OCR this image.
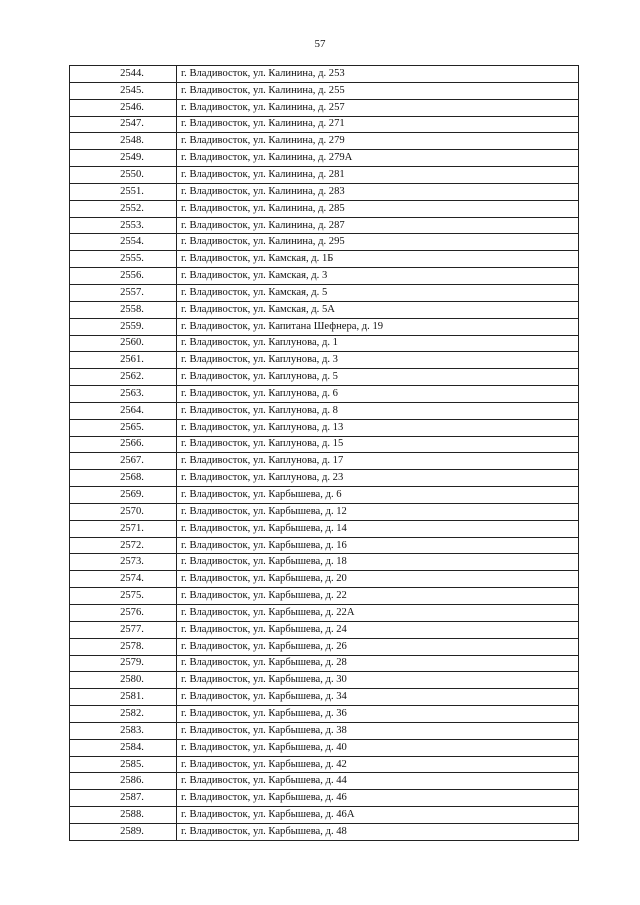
57
2544.	г. Владивосток, ул. Калинина, д. 253
2545.	г. Владивосток, ул. Калинина, д. 255
2546.	г. Владивосток, ул. Калинина, д. 257
2547.	г. Владивосток, ул. Калинина, д. 271
2548.	г. Владивосток, ул. Калинина, д. 279
2549.	г. Владивосток, ул. Калинина, д. 279А
2550.	г. Владивосток, ул. Калинина, д. 281
2551.	г. Владивосток, ул. Калинина, д. 283
2552.	г. Владивосток, ул. Калинина, д. 285
2553.	г. Владивосток, ул. Калинина, д. 287
2554.	г. Владивосток, ул. Калинина, д. 295
2555.	г. Владивосток, ул. Камская, д. 1Б
2556.	г. Владивосток, ул. Камская, д. 3
2557.	г. Владивосток, ул. Камская, д. 5
2558.	г. Владивосток, ул. Камская, д. 5А
2559.	г. Владивосток, ул. Капитана Шефнера, д. 19
2560.	г. Владивосток, ул. Каплунова, д. 1
2561.	г. Владивосток, ул. Каплунова, д. 3
2562.	г. Владивосток, ул. Каплунова, д. 5
2563.	г. Владивосток, ул. Каплунова, д. 6
2564.	г. Владивосток, ул. Каплунова, д. 8
2565.	г. Владивосток, ул. Каплунова, д. 13
2566.	г. Владивосток, ул. Каплунова, д. 15
2567.	г. Владивосток, ул. Каплунова, д. 17
2568.	г. Владивосток, ул. Каплунова, д. 23
2569.	г. Владивосток, ул. Карбышева, д. 6
2570.	г. Владивосток, ул. Карбышева, д. 12
2571.	г. Владивосток, ул. Карбышева, д. 14
2572.	г. Владивосток, ул. Карбышева, д. 16
2573.	г. Владивосток, ул. Карбышева, д. 18
2574.	г. Владивосток, ул. Карбышева, д. 20
2575.	г. Владивосток, ул. Карбышева, д. 22
2576.	г. Владивосток, ул. Карбышева, д. 22А
2577.	г. Владивосток, ул. Карбышева, д. 24
2578.	г. Владивосток, ул. Карбышева, д. 26
2579.	г. Владивосток, ул. Карбышева, д. 28
2580.	г. Владивосток, ул. Карбышева, д. 30
2581.	г. Владивосток, ул. Карбышева, д. 34
2582.	г. Владивосток, ул. Карбышева, д. 36
2583.	г. Владивосток, ул. Карбышева, д. 38
2584.	г. Владивосток, ул. Карбышева, д. 40
2585.	г. Владивосток, ул. Карбышева, д. 42
2586.	г. Владивосток, ул. Карбышева, д. 44
2587.	г. Владивосток, ул. Карбышева, д. 46
2588.	г. Владивосток, ул. Карбышева, д. 46А
2589.	г. Владивосток, ул. Карбышева, д. 48
